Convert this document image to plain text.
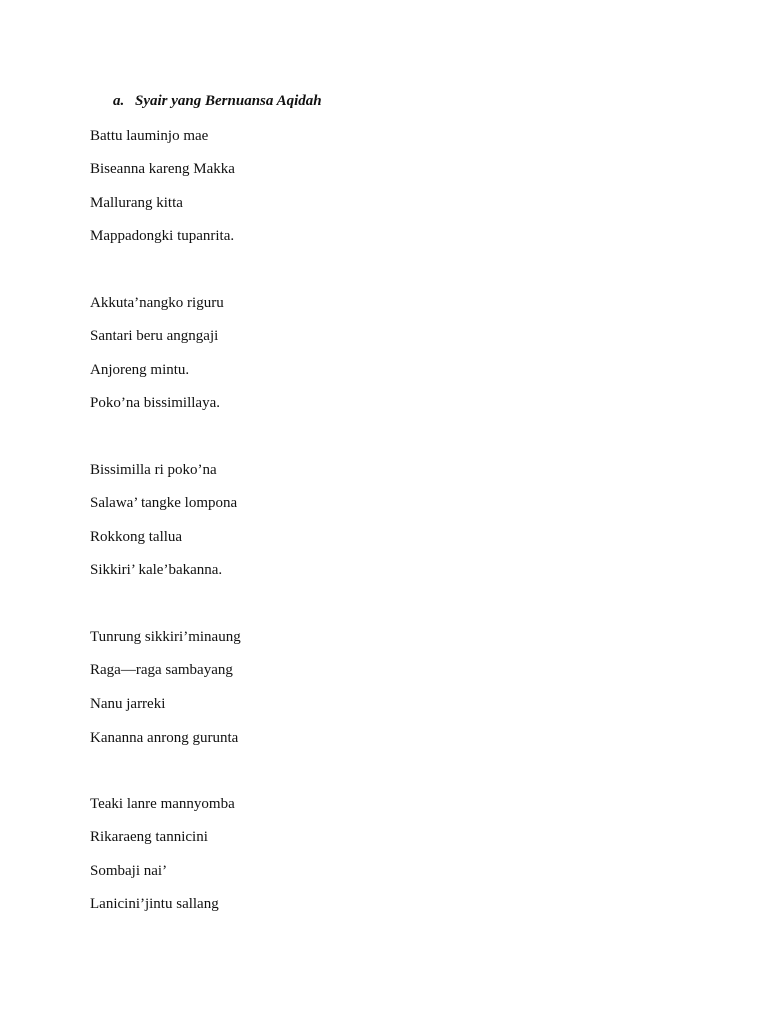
a. Syair yang Bernuansa Aqidah
Battu lauminjo mae
Biseanna kareng Makka
Mallurang kitta
Mappadongki tupanrita.
Akkuta’nangko riguru
Santari beru angngaji
Anjoreng mintu.
Poko’na bissimillaya.
Bissimilla ri poko’na
Salawa’ tangke lompona
Rokkong tallua
Sikkiri’ kale’bakanna.
Tunrung sikkiri’minaung
Raga—raga sambayang
Nanu jarreki
Kananna anrong gurunta
Teaki lanre mannyomba
Rikaraeng tannicini
Sombaji nai’
Lanicini’jintu sallang
